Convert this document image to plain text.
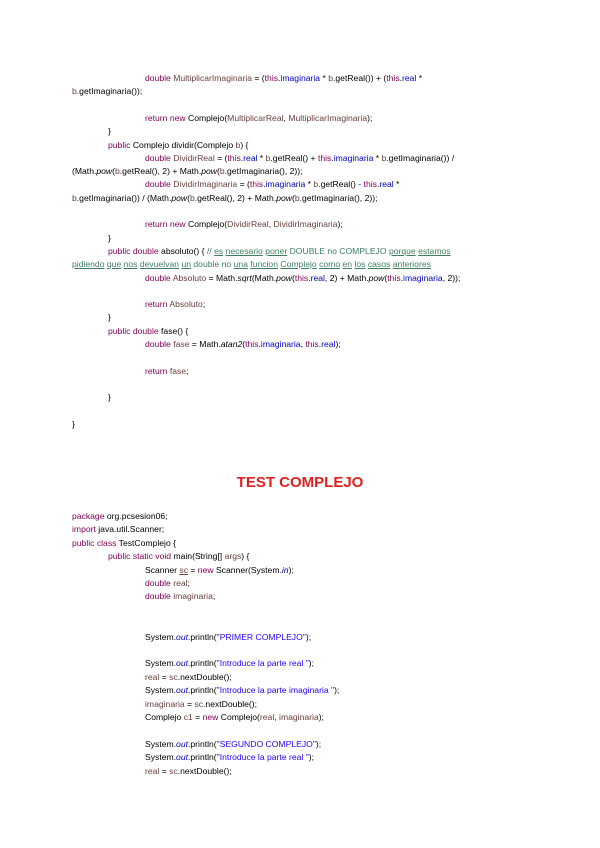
double MultiplicarImaginaria = (this.imaginaria * b.getReal()) + (this.real *
b.getImaginaria());
return new Complejo(MultiplicarReal, MultiplicarImaginaria);
}
public Complejo dividir(Complejo b) {
double DividirReal = (this.real * b.getReal() + this.imaginaria * b.getImaginaria()) /
(Math.pow(b.getReal(), 2) + Math.pow(b.getImaginaria(), 2));
double DividirImaginaria = (this.imaginaria * b.getReal() - this.real *
b.getImaginaria()) / (Math.pow(b.getReal(), 2) + Math.pow(b.getImaginaria(), 2));
return new Complejo(DividirReal, DividirImaginaria);
}
public double absoluto() { // es necesario poner DOUBLE no COMPLEJO porque estamos
pidiendo que nos devuelvan un double no una funcion Complejo como en los casos anteriores
double Absoluto = Math.sqrt(Math.pow(this.real, 2) + Math.pow(this.imaginaria, 2));
return Absoluto;
}
public double fase() {
double fase = Math.atan2(this.imaginaria, this.real);
return fase;
}
}
TEST COMPLEJO
package org.pcsesion06;
import java.util.Scanner;
public class TestComplejo {
public static void main(String[] args) {
Scanner sc = new Scanner(System.in);
double real;
double imaginaria;
System.out.println("PRIMER COMPLEJO");
System.out.println("Introduce la parte real ");
real = sc.nextDouble();
System.out.println("Introduce la parte imaginaria ");
imaginaria = sc.nextDouble();
Complejo c1 = new Complejo(real, imaginaria);
System.out.println("SEGUNDO COMPLEJO");
System.out.println("Introduce la parte real ");
real = sc.nextDouble();
